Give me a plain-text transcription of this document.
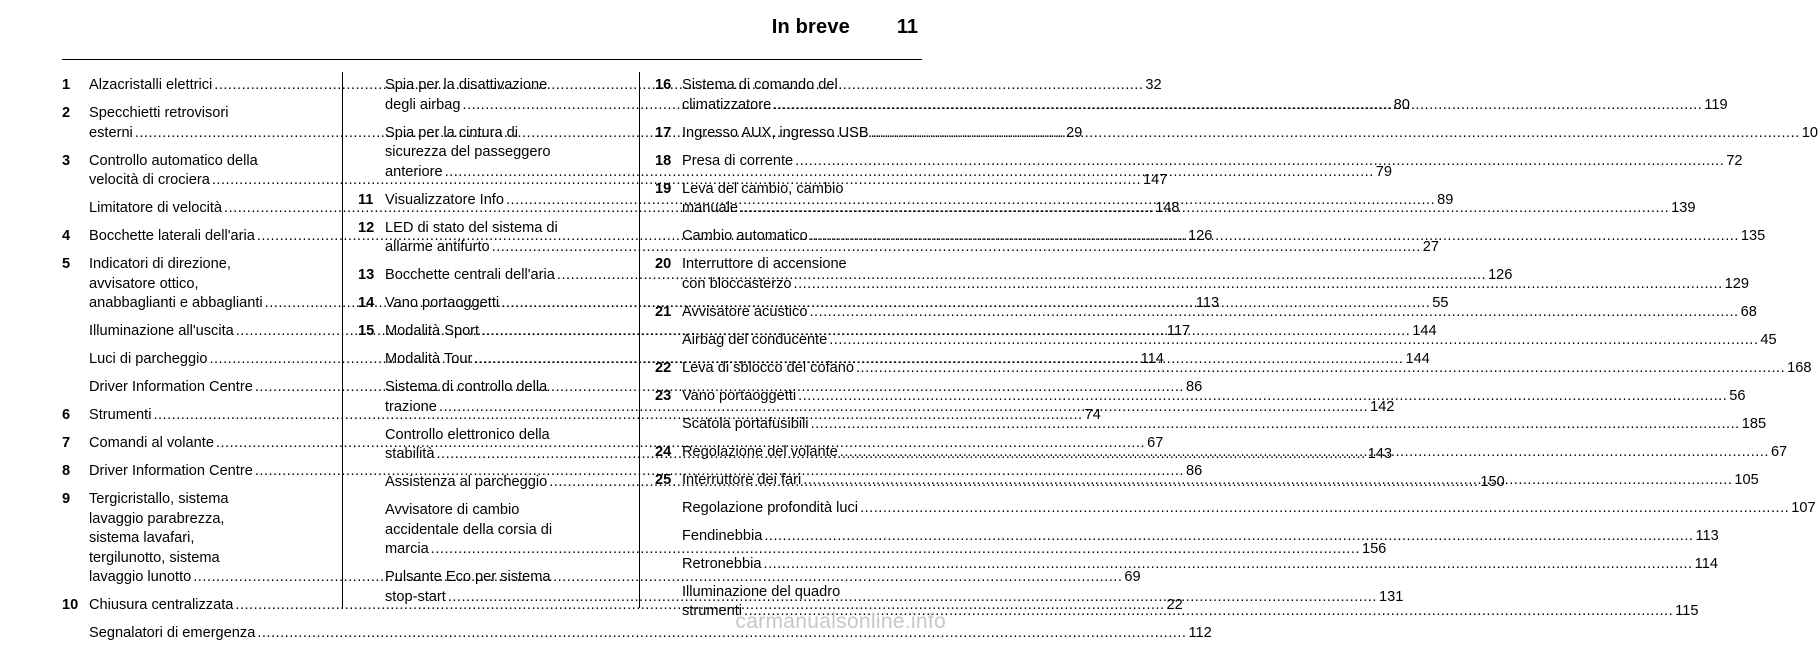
In breve 11
1	Alzacristalli elettrici .....	32
2	Specchietti retrovisori
esterni .....	29
3	Controllo automatico della
velocità di crociera .....	147
Limitatore di velocità .....	148
4	Bocchette laterali dell'aria .....	126
5	Indicatori di direzione,
avvisatore ottico,
anabbaglianti e abbaglianti .....	113
Illuminazione all'uscita .....	117
Luci di parcheggio .....	114
Driver Information Centre .....	86
6	Strumenti .....	74
7	Comandi al volante .....	67
8	Driver Information Centre .....	86
9	Tergicristallo, sistema
lavaggio parabrezza,
sistema lavafari,
tergilunotto, sistema
lavaggio lunotto .....	69
10 Chiusura centralizzata .....	22
Segnalatori di emergenza .....	112
Spia per la disattivazione
degli airbag .....	80
Spia per la cintura di
sicurezza del passeggero
anteriore .....	79
11 Visualizzatore Info .....	89
12 LED di stato del sistema di
allarme antifurto .....	27
13 Bocchette centrali dell'aria .....	126
14 Vano portaoggetti .....	55
15 Modalità Sport .....	144
Modalità Tour .....	144
Sistema di controllo della
trazione .....	142
Controllo elettronico della
stabilità .....	143
Assistenza al parcheggio .....	150
Avvisatore di cambio
accidentale della corsia di
marcia .....	156
Pulsante Eco per sistema
stop-start .....	131
16 Sistema di comando del
climatizzatore .....	119
17 Ingresso AUX, ingresso USB .....	10
18 Presa di corrente .....	72
19 Leva del cambio, cambio
manuale .....	139
Cambio automatico .....	135
20 Interruttore di accensione
con bloccasterzo .....	129
21 Avvisatore acustico .....	68
Airbag del conducente .....	45
22 Leva di sblocco del cofano .....	168
23 Vano portaoggetti .....	56
Scatola portafusibili .....	185
24 Regolazione del volante .....	67
25 Interruttore dei fari .....	105
Regolazione profondità luci .....	107
Fendinebbia .....	113
Retronebbia .....	114
Illuminazione del quadro
strumenti .....	115
carmanualsonline.info
